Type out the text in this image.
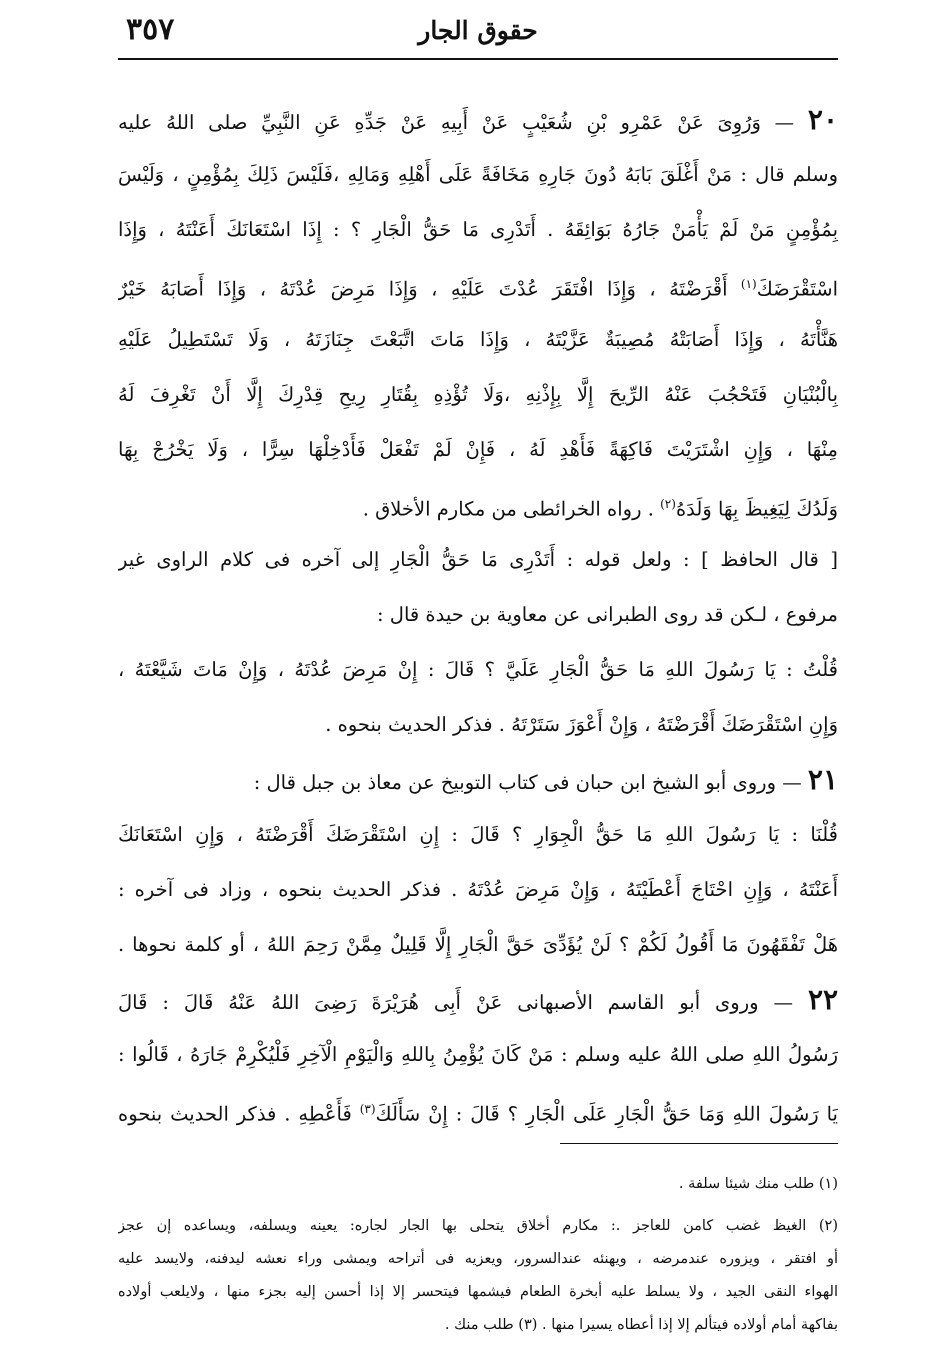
٣٥٧	حقوق الجار
٢٠ — وَرُوِىَ عَنْ عَمْرِو بْنِ شُعَيْبٍ عَنْ أَبِيهِ عَنْ جَدِّهِ عَنِ النَّبِيِّ صلى اللهُ عليه
وسلم قال : مَنْ أَغْلَقَ بَابَهُ دُونَ جَارِهِ مَخَافَةً عَلَى أَهْلِهِ وَمَالِهِ ،فَلَيْسَ ذَلِكَ بِمُؤْمِنٍ ، وَلَيْسَ
بِمُؤْمِنٍ مَنْ لَمْ يَأْمَنْ جَارُهُ بَوَائِقَهُ . أَتَدْرِى مَا حَقُّ الْجَارِ ؟ : إِذَا اسْتَعَانَكَ أَعَنْتَهُ ، وَإِذَا
اسْتَقْرَضَكَ$^{(١)}$ أَقْرَضْتَهُ ، وَإِذَا افْتَقَرَ عُدْتَ عَلَيْهِ ، وَإِذَا مَرِضَ عُدْتَهُ ، وَإِذَا أَصَابَهُ خَيْرٌ
هَنَّأْتَهُ ، وَإِذَا أَصَابَتْهُ مُصِيبَةٌ عَزَّيْتَهُ ، وَإِذَا مَاتَ اتَّبَعْتَ جِنَازَتَهُ ، وَلَا تَسْتَطِيلُ عَلَيْهِ
بِالْبُنْيَانِ فَتَحْجُبَ عَنْهُ الرِّيحَ إِلَّا بِإِذْنِهِ ،وَلَا تُؤْذِهِ بِقُتَارِ رِيحِ قِدْرِكَ إِلَّا أَنْ تَغْرِفَ لَهُ
مِنْهَا ، وَإِنِ اشْتَرَيْتَ فَاكِهَةً فَأَهْدِ لَهُ ، فَإِنْ لَمْ تَفْعَلْ فَأَدْخِلْهَا سِرًّا ، وَلَا يَخْرُجْ بِهَا
وَلَدُكَ لِيَغِيظَ بِهَا وَلَدَهُ$^{(٢)}$ . رواه الخرائطى من مكارم الأخلاق .
[ قال الحافظ ] : ولعل قوله : أَتَدْرِى مَا حَقُّ الْجَارِ إلى آخره فى كلام الراوى غير
مرفوع ، لـكن قد روى الطبرانى عن معاوية بن حيدة قال :
قُلْتُ : يَا رَسُولَ اللهِ مَا حَقُّ الْجَارِ عَلَيَّ ؟ قَالَ : إِنْ مَرِضَ عُدْتَهُ ، وَإِنْ مَاتَ شَيَّعْتَهُ ،
وَإِنِ اسْتَقْرَضَكَ أَقْرَضْتَهُ ، وَإِنْ أَعْوَزَ سَتَرْتَهُ . فذكر الحديث بنحوه .
٢١ — وروى أبو الشيخ ابن حبان فى كتاب التوبيخ عن معاذ بن جبل قال :
قُلْنَا : يَا رَسُولَ اللهِ مَا حَقُّ الْجِوَارِ ؟ قَالَ : إِنِ اسْتَقْرَضَكَ أَقْرَضْتَهُ ، وَإِنِ اسْتَعَانَكَ
أَعَنْتَهُ ، وَإِنِ احْتَاجَ أَعْطَيْتَهُ ، وَإِنْ مَرِضَ عُدْتَهُ . فذكر الحديث بنحوه ، وزاد فى آخره :
هَلْ تَفْقَهُونَ مَا أَقُولُ لَكُمْ ؟ لَنْ يُؤَدِّىَ حَقَّ الْجَارِ إِلَّا قَلِيلٌ مِمَّنْ رَحِمَ اللهُ ، أو كلمة نحوها .
٢٢ — وروى أبو القاسم الأصبهانى عَنْ أَبِى هُرَيْرَةَ رَضِىَ اللهُ عَنْهُ قَالَ : قَالَ
رَسُولُ اللهِ صلى اللهُ عليه وسلم : مَنْ كَانَ يُؤْمِنُ بِاللهِ وَالْيَوْمِ الْآخِرِ فَلْيُكْرِمْ جَارَهُ ، قَالُوا :
يَا رَسُولَ اللهِ وَمَا حَقُّ الْجَارِ عَلَى الْجَارِ ؟ قَالَ : إِنْ سَأَلَكَ$^{(٣)}$ فَأَعْطِهِ . فذكر الحديث بنحوه
(١) طلب منك شيئا سلفة .
(٢) الغيظ غضب كامن للعاجز .: مكارم أخلاق يتحلى بها الجار لجاره: يعينه ويسلفه، ويساعده إن عجز
أو افتقر ، ويزوره عندمرضه ، ويهنئه عندالسرور، ويعزيه فى أتراحه ويمشى وراء نعشه ليدفنه، ولايسد عليه
الهواء النقى الجيد ، ولا يسلط عليه أبخرة الطعام فيشمها فيتحسر إلا إذا أحسن إليه بجزء منها ، ولايلعب أولاده
بفاكهة أمام أولاده فيتألم إلا إذا أعطاه يسيرا منها . (٣) طلب منك .
